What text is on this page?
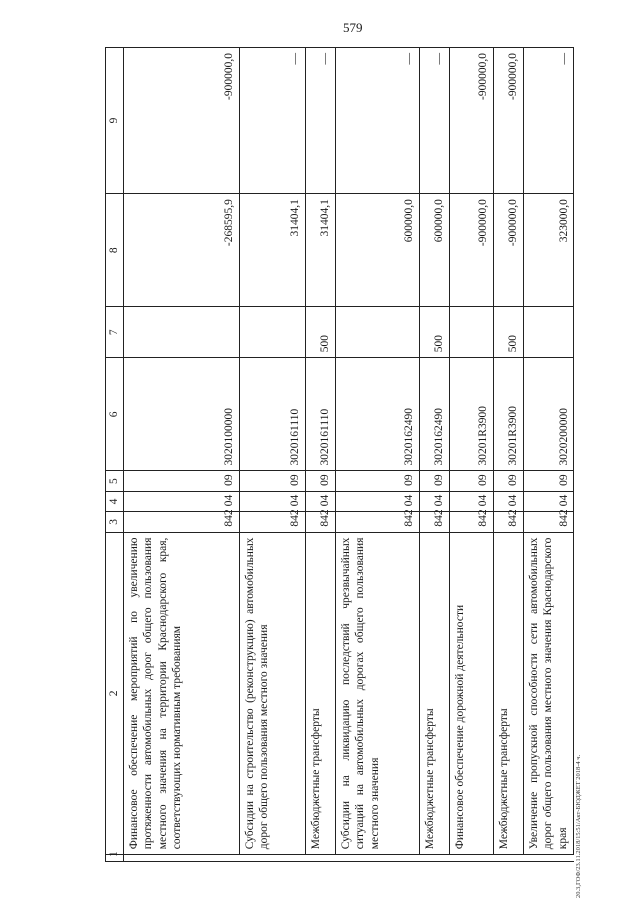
579
20.3,ГОФ/23.11.2018/15:51/Акт-БЮДЖЕТ 2018-4 ч.
1	2	3	4	5	6	7	8	9
	Финансовое обеспечение мероприятий по увеличению протяженности автомобильных дорог общего пользования местного значения на территории Краснодарского края, соответствующих нормативным требованиям	842	04	09	3020100000		-268595,9	-900000,0
	Субсидии на строительство (реконструкцию) автомобильных дорог общего пользования местного значения	842	04	09	3020161110		31404,1	—
	Межбюджетные трансферты	842	04	09	3020161110	500	31404,1	—
	Субсидии на ликвидацию последствий чрезвычайных ситуаций на автомобильных дорогах общего пользования местного значения	842	04	09	3020162490		600000,0	—
	Межбюджетные трансферты	842	04	09	3020162490	500	600000,0	—
	Финансовое обеспечение дорожной деятельности	842	04	09	30201R3900		-900000,0	-900000,0
	Межбюджетные трансферты	842	04	09	30201R3900	500	-900000,0	-900000,0
	Увеличение пропускной способности сети автомобильных дорог общего пользования местного значения Краснодарского края	842	04	09	3020200000		323000,0	—
